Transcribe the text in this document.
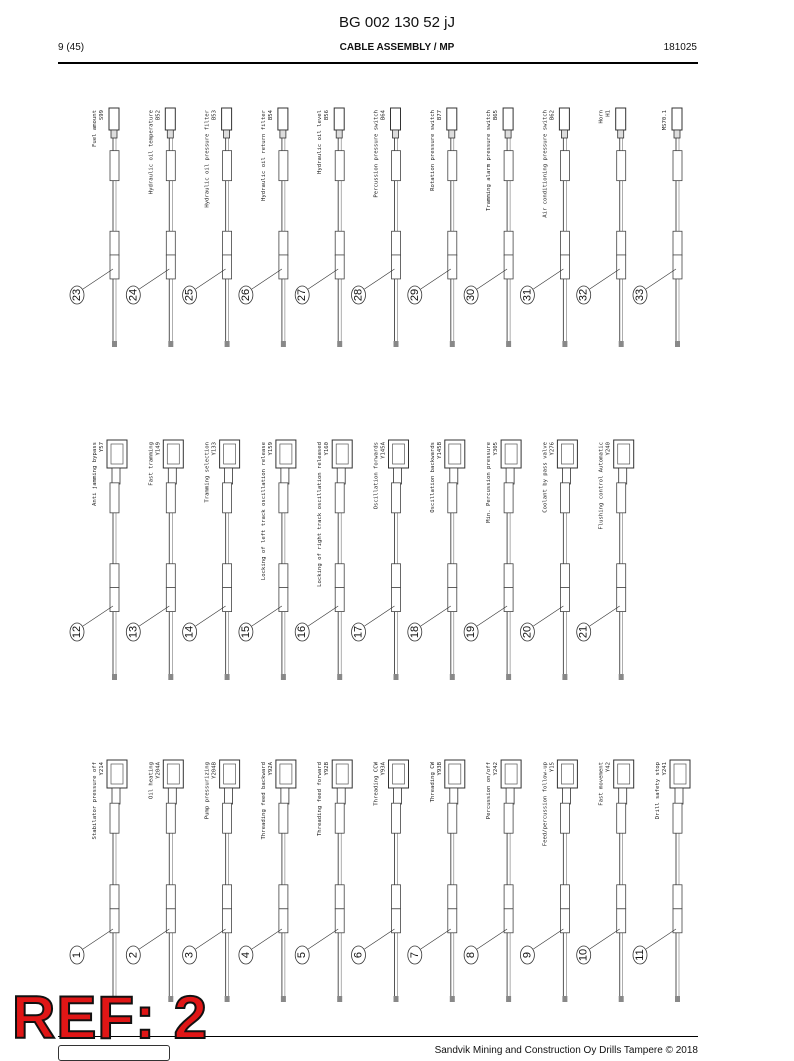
BG 002 130 52 jJ
9 (45)	CABLE ASSEMBLY / MP	181025
23
S99
Fuel amount
24
B52
Hydraulic oil temperature
25
B53
Hydraulic oil pressure filter
26
B54
Hydraulic oil return filter
27
B56
Hydraulic oil level
28
B64
Percussion pressure switch
29
B77
Rotation pressure switch
30
B65
Tramming alarm pressure switch
31
B62
Air conditioning pressure switch
32
H1
Horn
33
MS70.1
12
Y57
Anti jamming bypass
13
Y149
Fast tramming
14
Y133
Tramming selection
15
Y159
Locking of left track oscillation release
16
Y160
Locking of right track oscillation released
17
Y145A
Oscillation forwards
18
Y145B
Oscillation backwards
19
Y305
Min. Percussion pressure
20
Y276
Coolant by pass valve
21
Y240
Flushing control Automatic
1
Y214
Stabilator pressure off
2
Y204A
Oil heating
3
Y204B
Pump pressurizing
4
Y92A
Threading feed backward
5
Y92B
Threading feed forward
6
Y93A
Threading CCW
7
Y93B
Threading CW
8
Y242
Percussion on/off
9
Y15
Feed/percussion follow-up
10
Y42
Fast movement
11
Y241
Drill safety stop
Sandvik Mining and Construction Oy Drills Tampere © 2018
REF: 2
